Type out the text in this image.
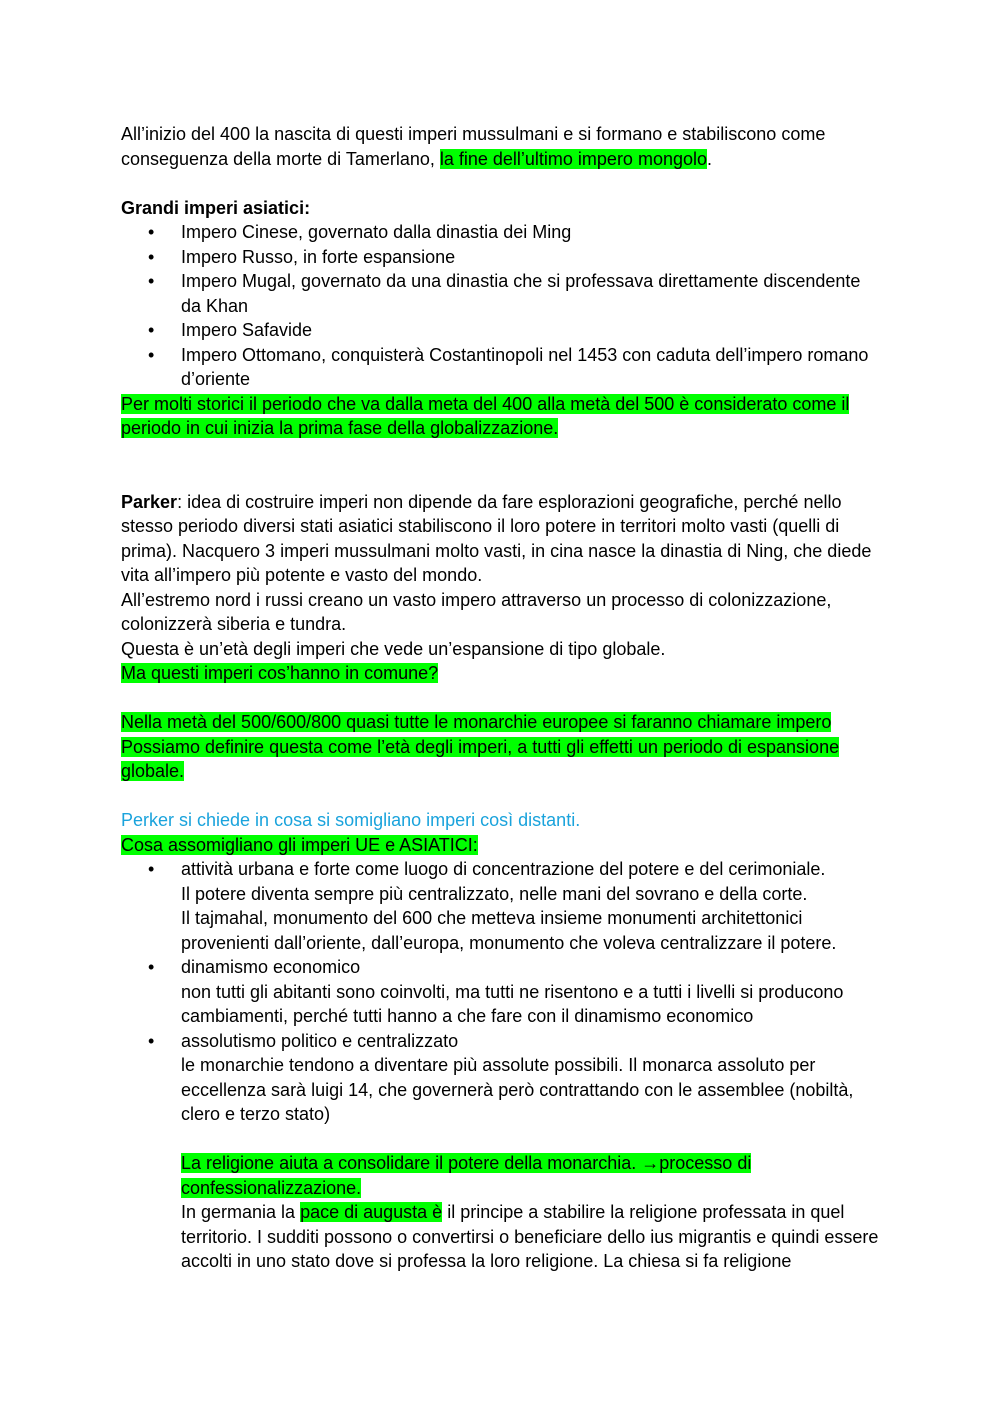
All’inizio del 400 la nascita di questi imperi mussulmani e si formano e stabiliscono come conseguenza della morte di Tamerlano, la fine dell’ultimo impero mongolo.

Grandi imperi asiatici:

• Impero Cinese, governato dalla dinastia dei Ming
• Impero Russo, in forte espansione
• Impero Mugal, governato da una dinastia che si professava direttamente discendente da Khan
• Impero Safavide
• Impero Ottomano, conquisterà Costantinopoli nel 1453 con caduta dell’impero romano d’oriente

Per molti storici il periodo che va dalla meta del 400 alla metà del 500 è considerato come il periodo in cui inizia la prima fase della globalizzazione.

Parker: idea di costruire imperi non dipende da fare esplorazioni geografiche, perché nello stesso periodo diversi stati asiatici stabiliscono il loro potere in territori molto vasti (quelli di prima). Nacquero 3 imperi mussulmani molto vasti, in cina nasce la dinastia di Ning, che diede vita all’impero più potente e vasto del mondo.

All’estremo nord i russi creano un vasto impero attraverso un processo di colonizzazione, colonizzerà siberia e tundra.

Questa è un’età degli imperi che vede un’espansione di tipo globale.

Ma questi imperi cos’hanno in comune?

Nella metà del 500/600/800 quasi tutte le monarchie europee si faranno chiamare impero
Possiamo definire questa come l’età degli imperi, a tutti gli effetti un periodo di espansione globale.

Perker si chiede in cosa si somigliano imperi così distanti.

Cosa assomigliano gli imperi UE e ASIATICI:

• attività urbana e forte come luogo di concentrazione del potere e del cerimoniale.
Il potere diventa sempre più centralizzato, nelle mani del sovrano e della corte.
Il tajmahal, monumento del 600 che metteva insieme monumenti architettonici provenienti dall’oriente, dall’europa, monumento che voleva centralizzare il potere.
• dinamismo economico
non tutti gli abitanti sono coinvolti, ma tutti ne risentono e a tutti i livelli si producono cambiamenti, perché tutti hanno a che fare con il dinamismo economico
• assolutismo politico e centralizzato
le monarchie tendono a diventare più assolute possibili. Il monarca assoluto per eccellenza sarà luigi 14, che governerà però contrattando con le assemblee (nobiltà, clero e terzo stato)

La religione aiuta a consolidare il potere della monarchia. →processo di confessionalizzazione.

In germania la pace di augusta è il principe a stabilire la religione professata in quel territorio. I sudditi possono o convertirsi o beneficiare dello ius migrantis e quindi essere accolti in uno stato dove si professa la loro religione. La chiesa si fa religione
